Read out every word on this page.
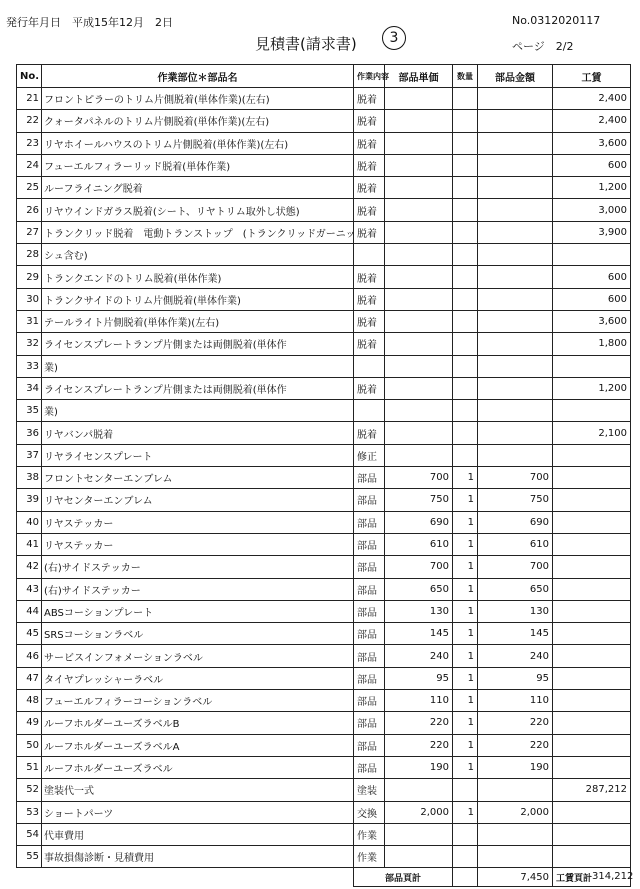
発行年月日　平成15年12月　2日	No.0312020117
見積書(請求書)	3
ページ　2/2
No.	作業部位＊部品名	作業内容	部品単価	数量	部品金額	工賃
21	フロントピラーのトリム片側脱着(単体作業)(左右)	脱着				2,400
22	クォータパネルのトリム片側脱着(単体作業)(左右)	脱着				2,400
23	リヤホイールハウスのトリム片側脱着(単体作業)(左右)	脱着				3,600
24	フューエルフィラーリッド脱着(単体作業)	脱着				600
25	ルーフライニング脱着	脱着				1,200
26	リヤウインドガラス脱着(シート、リヤトリム取外し状態)	脱着				3,000
27	トランクリッド脱着　電動トランストップ　(トランクリッドガーニッ	脱着				3,900
28	シュ含む)					
29	トランクエンドのトリム脱着(単体作業)	脱着				600
30	トランクサイドのトリム片側脱着(単体作業)	脱着				600
31	テールライト片側脱着(単体作業)(左右)	脱着				3,600
32	ライセンスプレートランプ片側または両側脱着(単体作	脱着				1,800
33	業)					
34	ライセンスプレートランプ片側または両側脱着(単体作	脱着				1,200
35	業)					
36	リヤバンパ脱着	脱着				2,100
37	リヤライセンスプレート	修正				
38	フロントセンターエンブレム	部品	700	1	700	
39	リヤセンターエンブレム	部品	750	1	750	
40	リヤステッカー	部品	690	1	690	
41	リヤステッカー	部品	610	1	610	
42	(右)サイドステッカー	部品	700	1	700	
43	(右)サイドステッカー	部品	650	1	650	
44	ABSコーションプレート	部品	130	1	130	
45	SRSコーションラベル	部品	145	1	145	
46	サービスインフォメーションラベル	部品	240	1	240	
47	タイヤプレッシャーラベル	部品	95	1	95	
48	フューエルフィラーコーションラベル	部品	110	1	110	
49	ルーフホルダーユーズラベルB	部品	220	1	220	
50	ルーフホルダーユーズラベルA	部品	220	1	220	
51	ルーフホルダーユーズラベル	部品	190	1	190	
52	塗装代一式	塗装				287,212
53	ショートパーツ	交換	2,000	1	2,000	
54	代車費用	作業				
55	事故損傷診断・見積費用	作業				
		部品頁計			7,450	工賃頁計 314,212
